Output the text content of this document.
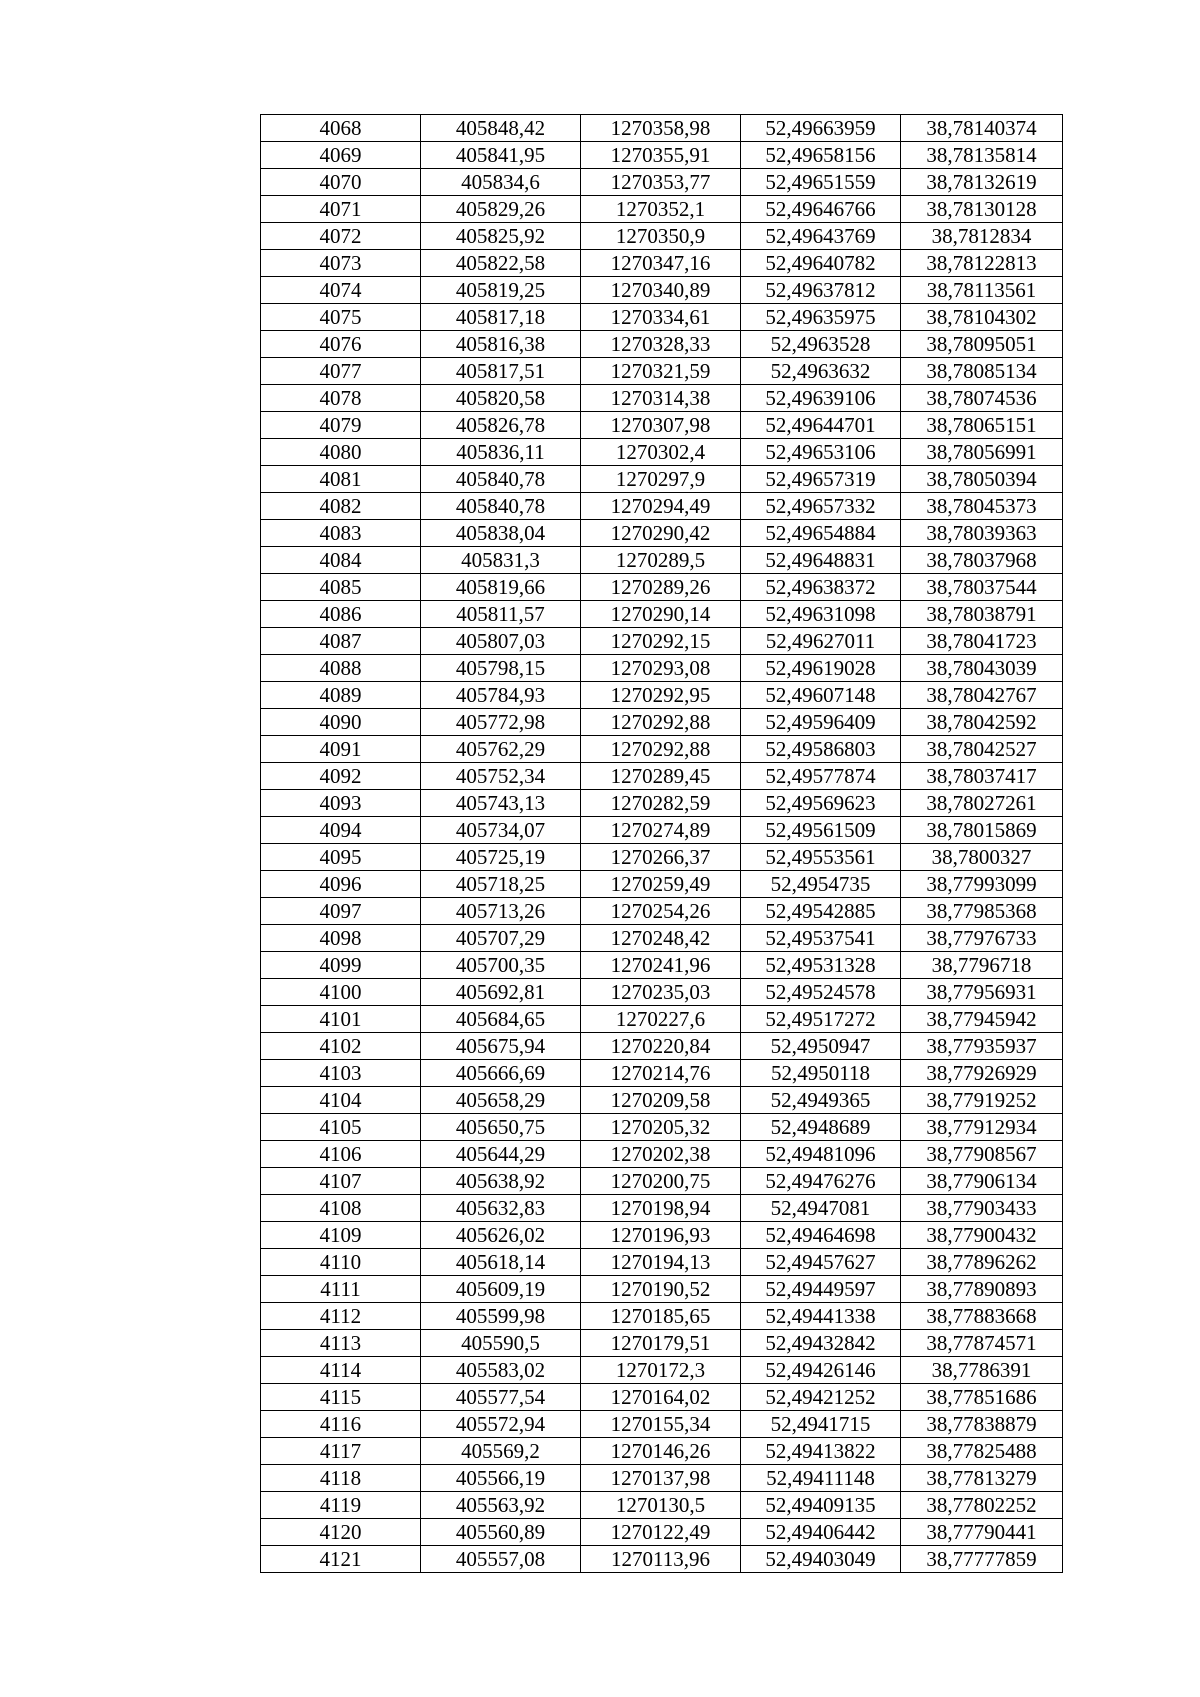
4068	405848,42	1270358,98	52,49663959	38,78140374
4069	405841,95	1270355,91	52,49658156	38,78135814
4070	405834,6	1270353,77	52,49651559	38,78132619
4071	405829,26	1270352,1	52,49646766	38,78130128
4072	405825,92	1270350,9	52,49643769	38,7812834
4073	405822,58	1270347,16	52,49640782	38,78122813
4074	405819,25	1270340,89	52,49637812	38,78113561
4075	405817,18	1270334,61	52,49635975	38,78104302
4076	405816,38	1270328,33	52,4963528	38,78095051
4077	405817,51	1270321,59	52,4963632	38,78085134
4078	405820,58	1270314,38	52,49639106	38,78074536
4079	405826,78	1270307,98	52,49644701	38,78065151
4080	405836,11	1270302,4	52,49653106	38,78056991
4081	405840,78	1270297,9	52,49657319	38,78050394
4082	405840,78	1270294,49	52,49657332	38,78045373
4083	405838,04	1270290,42	52,49654884	38,78039363
4084	405831,3	1270289,5	52,49648831	38,78037968
4085	405819,66	1270289,26	52,49638372	38,78037544
4086	405811,57	1270290,14	52,49631098	38,78038791
4087	405807,03	1270292,15	52,49627011	38,78041723
4088	405798,15	1270293,08	52,49619028	38,78043039
4089	405784,93	1270292,95	52,49607148	38,78042767
4090	405772,98	1270292,88	52,49596409	38,78042592
4091	405762,29	1270292,88	52,49586803	38,78042527
4092	405752,34	1270289,45	52,49577874	38,78037417
4093	405743,13	1270282,59	52,49569623	38,78027261
4094	405734,07	1270274,89	52,49561509	38,78015869
4095	405725,19	1270266,37	52,49553561	38,7800327
4096	405718,25	1270259,49	52,4954735	38,77993099
4097	405713,26	1270254,26	52,49542885	38,77985368
4098	405707,29	1270248,42	52,49537541	38,77976733
4099	405700,35	1270241,96	52,49531328	38,7796718
4100	405692,81	1270235,03	52,49524578	38,77956931
4101	405684,65	1270227,6	52,49517272	38,77945942
4102	405675,94	1270220,84	52,4950947	38,77935937
4103	405666,69	1270214,76	52,4950118	38,77926929
4104	405658,29	1270209,58	52,4949365	38,77919252
4105	405650,75	1270205,32	52,4948689	38,77912934
4106	405644,29	1270202,38	52,49481096	38,77908567
4107	405638,92	1270200,75	52,49476276	38,77906134
4108	405632,83	1270198,94	52,4947081	38,77903433
4109	405626,02	1270196,93	52,49464698	38,77900432
4110	405618,14	1270194,13	52,49457627	38,77896262
4111	405609,19	1270190,52	52,49449597	38,77890893
4112	405599,98	1270185,65	52,49441338	38,77883668
4113	405590,5	1270179,51	52,49432842	38,77874571
4114	405583,02	1270172,3	52,49426146	38,7786391
4115	405577,54	1270164,02	52,49421252	38,77851686
4116	405572,94	1270155,34	52,4941715	38,77838879
4117	405569,2	1270146,26	52,49413822	38,77825488
4118	405566,19	1270137,98	52,49411148	38,77813279
4119	405563,92	1270130,5	52,49409135	38,77802252
4120	405560,89	1270122,49	52,49406442	38,77790441
4121	405557,08	1270113,96	52,49403049	38,77777859
